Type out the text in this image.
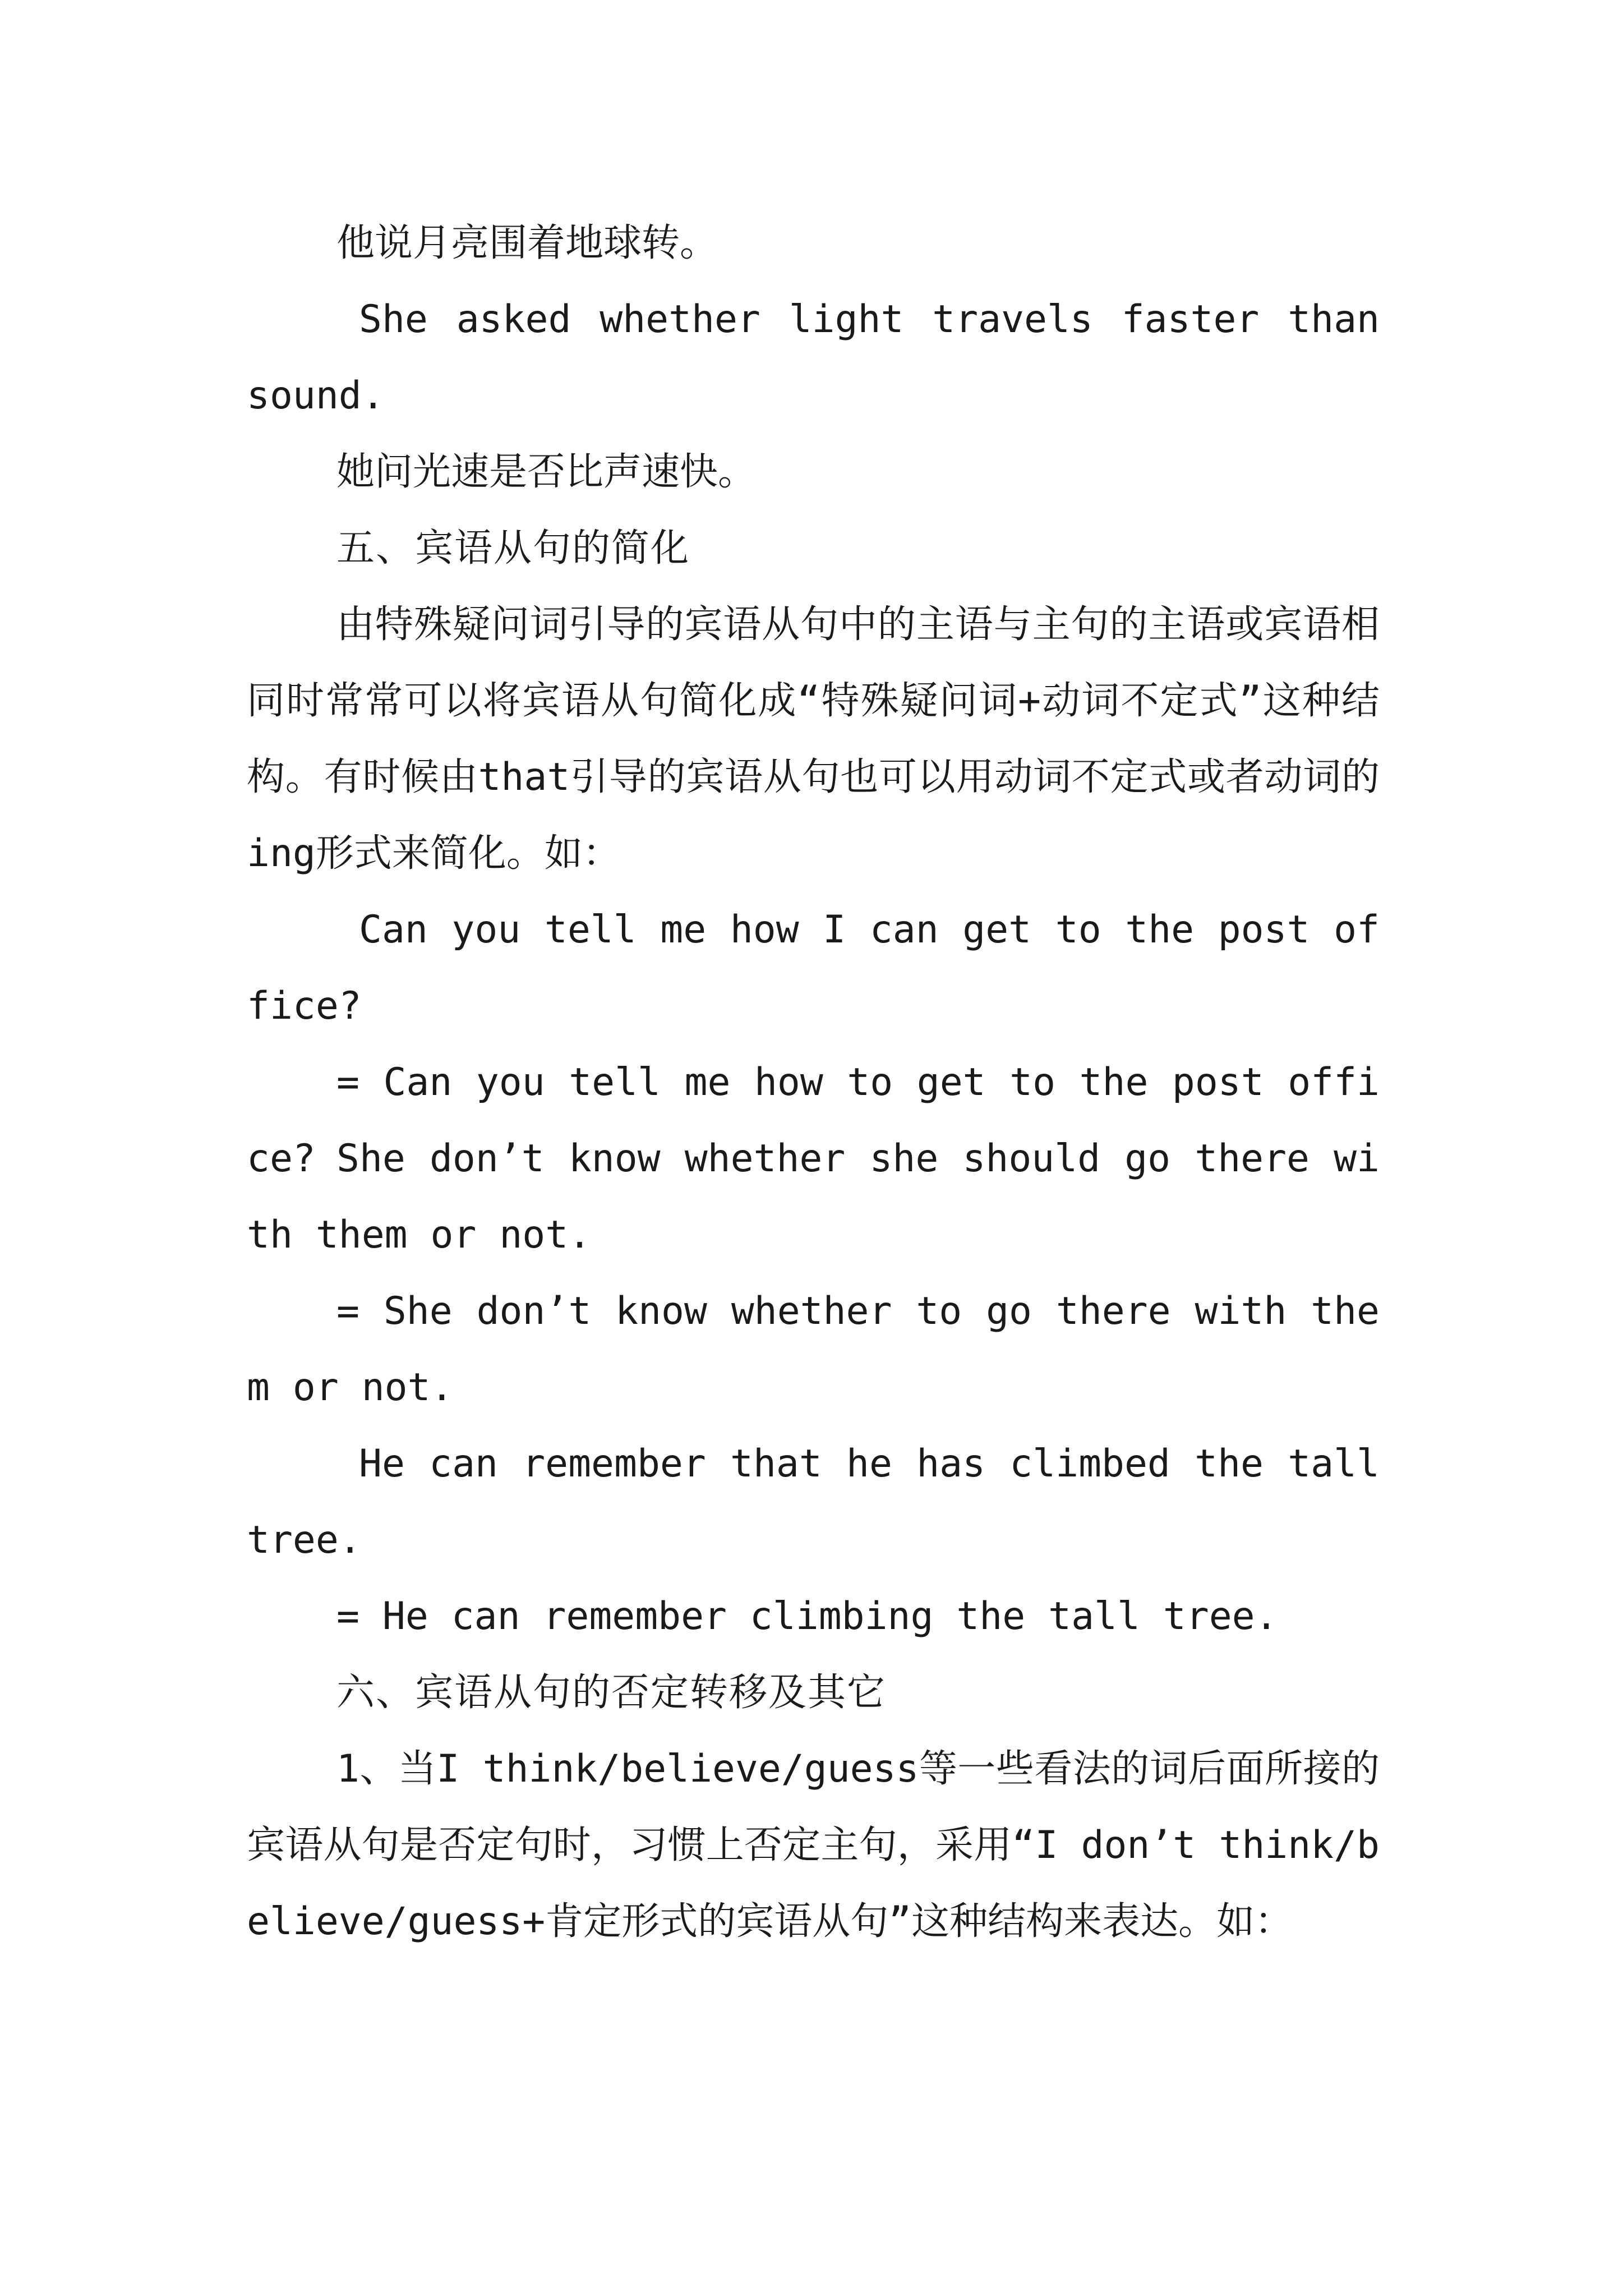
他说月亮围着地球转。

She asked whether light travels faster than sound.

她问光速是否比声速快。

五、宾语从句的简化

由特殊疑问词引导的宾语从句中的主语与主句的主语或宾语相同时常常可以将宾语从句简化成“特殊疑问词+动词不定式”这种结构。有时候由that引导的宾语从句也可以用动词不定式或者动词的ing形式来简化。如：

Can you tell me how I can get to the post office?

= Can you tell me how to get to the post office? She don’t know whether she should go there with them or not.

= She don’t know whether to go there with them or not.

He can remember that he has climbed the tall tree.

= He can remember climbing the tall tree.

六、宾语从句的否定转移及其它

1、当I think/believe/guess等一些看法的词后面所接的宾语从句是否定句时，习惯上否定主句，采用“I don’t think/believe/guess+肯定形式的宾语从句”这种结构来表达。如：
